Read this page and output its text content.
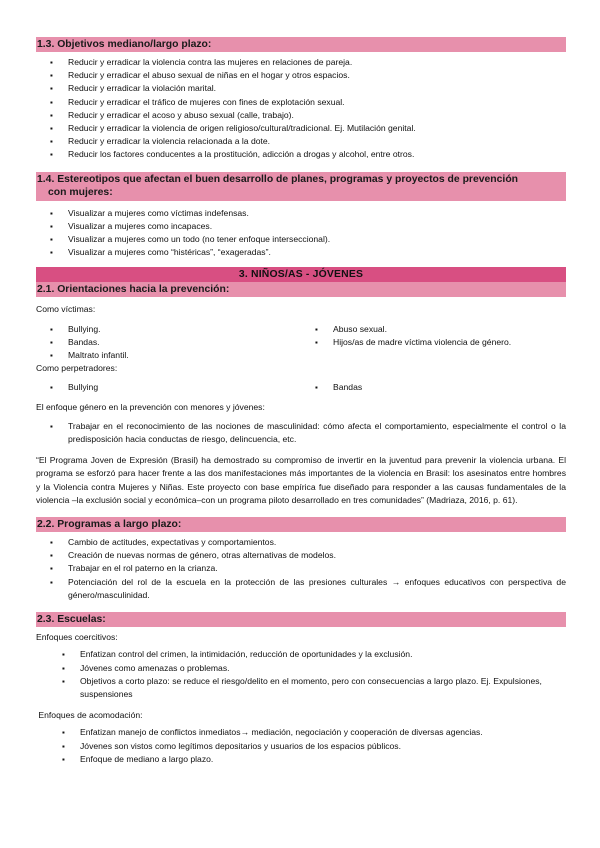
1.3. Objetivos mediano/largo plazo:
▪ Reducir y erradicar la violencia contra las mujeres en relaciones de pareja.
▪ Reducir y erradicar el abuso sexual de niñas en el hogar y otros espacios.
▪ Reducir y erradicar la violación marital.
▪ Reducir y erradicar el tráfico de mujeres con fines de explotación sexual.
▪ Reducir y erradicar el acoso y abuso sexual (calle, trabajo).
▪ Reducir y erradicar la violencia de origen religioso/cultural/tradicional. Ej. Mutilación genital.
▪ Reducir y erradicar la violencia relacionada a la dote.
▪ Reducir los factores conducentes a la prostitución, adicción a drogas y alcohol, entre otros.
1.4. Estereotipos que afectan el buen desarrollo de planes, programas y proyectos de prevención
con mujeres:
▪ Visualizar a mujeres como víctimas indefensas.
▪ Visualizar a mujeres como incapaces.
▪ Visualizar a mujeres como un todo (no tener enfoque interseccional).
▪ Visualizar a mujeres como “histéricas”, “exageradas”.
3. NIÑOS/AS - JÓVENES
2.1. Orientaciones hacia la prevención:

Como víctimas:

▪ Bullying.
▪ Bandas.
▪ Maltrato infantil.
▪ Abuso sexual.
▪ Hijos/as de madre víctima violencia de género.

Como perpetradores:

▪ Bullying	▪ Bandas

El enfoque género en la prevención con menores y jóvenes:

▪ Trabajar en el reconocimiento de las nociones de masculinidad: cómo afecta el comportamiento, especialmente el control o la predisposición hacia conductas de riesgo, delincuencia, etc.

“El Programa Joven de Expresión (Brasil) ha demostrado su compromiso de invertir en la juventud para prevenir la violencia urbana. El programa se esforzó para hacer frente a las dos manifestaciones más importantes de la violencia en Brasil: los asesinatos entre hombres y la Violencia contra Mujeres y Niñas. Este proyecto con base empírica fue diseñado para responder a las causas fundamentales de la violencia –la exclusión social y económica–con un programa piloto desarrollado en tres comunidades” (Madriaza, 2016, p. 61).

2.2. Programas a largo plazo:
▪ Cambio de actitudes, expectativas y comportamientos.
▪ Creación de nuevas normas de género, otras alternativas de modelos.
▪ Trabajar en el rol paterno en la crianza.
▪ Potenciación del rol de la escuela en la protección de las presiones culturales → enfoques educativos con perspectiva de género/masculinidad.
2.3. Escuelas:

Enfoques coercitivos:

▪ Enfatizan control del crimen, la intimidación, reducción de oportunidades y la exclusión.
▪ Jóvenes como amenazas o problemas.
▪ Objetivos a corto plazo: se reduce el riesgo/delito en el momento, pero con consecuencias a largo plazo. Ej. Expulsiones, suspensiones

Enfoques de acomodación:

▪ Enfatizan manejo de conflictos inmediatos→ mediación, negociación y cooperación de diversas agencias.
▪ Jóvenes son vistos como legítimos depositarios y usuarios de los espacios públicos.
▪ Enfoque de mediano a largo plazo.
